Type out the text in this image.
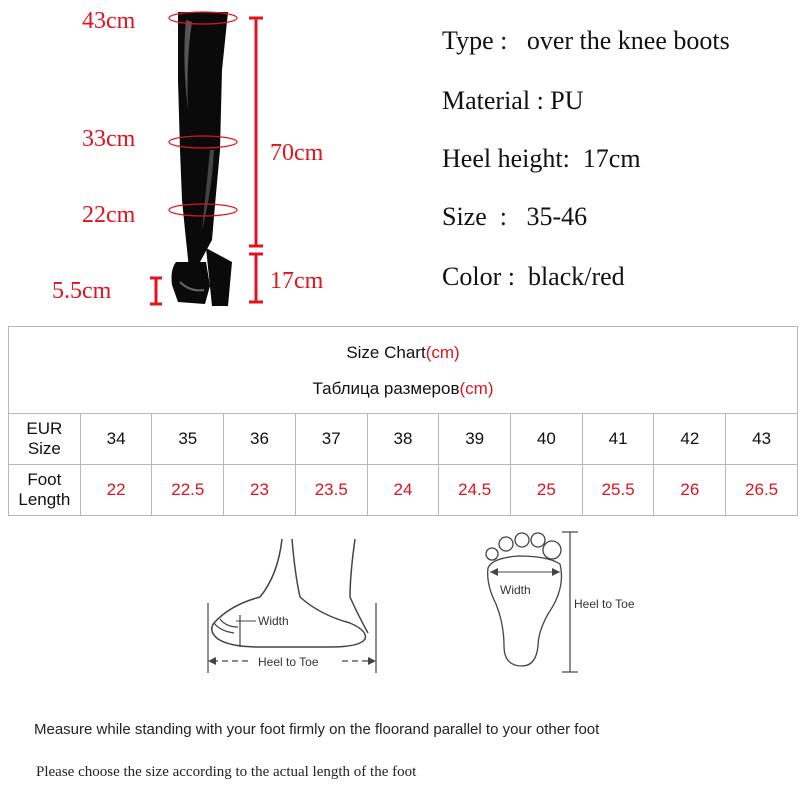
43cm
33cm
22cm
5.5cm
70cm
17cm
Type : over the knee boots
Material : PU
Heel height:  17cm
Size  : 35-46
Color : black/red
Size Chart(cm)										
Таблица размеров(cm)										
EUR Size	34	35	36	37	38	39	40	41	42	43
Foot Length	22	22.5	23	23.5	24	24.5	25	25.5	26	26.5
Width
Heel to Toe
Width
Heel to Toe
Measure while standing with your foot firmly on the floorand parallel to your other foot
Please choose the size according to the actual length of the foot
